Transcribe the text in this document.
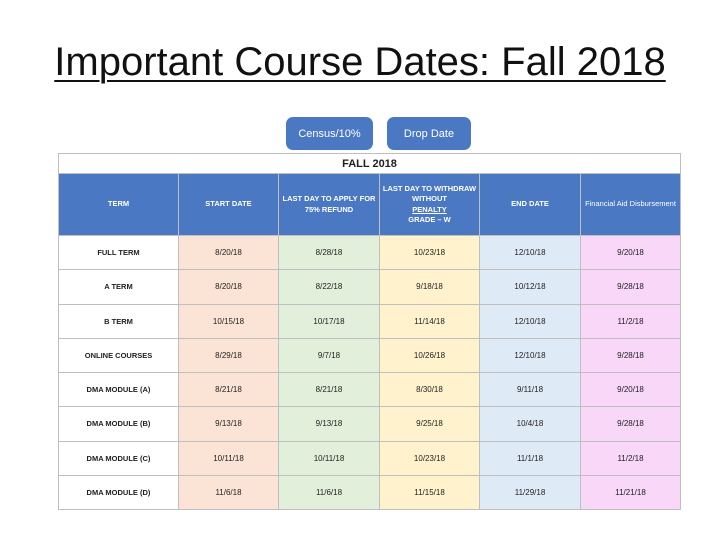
Important Course Dates: Fall 2018
Census/10%	Drop Date
FALL 2018					
TERM	START DATE	LAST DAY TO APPLY FOR 75% REFUND	LAST DAY TO WITHDRAW WITHOUT
PENALTY
GRADE – W	END DATE	Financial Aid Disbursement
FULL TERM	8/20/18	8/28/18	10/23/18	12/10/18	9/20/18
A TERM	8/20/18	8/22/18	9/18/18	10/12/18	9/28/18
B TERM	10/15/18	10/17/18	11/14/18	12/10/18	11/2/18
ONLINE COURSES	8/29/18	9/7/18	10/26/18	12/10/18	9/28/18
DMA MODULE (A)	8/21/18	8/21/18	8/30/18	9/11/18	9/20/18
DMA MODULE (B)	9/13/18	9/13/18	9/25/18	10/4/18	9/28/18
DMA MODULE (C)	10/11/18	10/11/18	10/23/18	11/1/18	11/2/18
DMA MODULE (D)	11/6/18	11/6/18	11/15/18	11/29/18	11/21/18
